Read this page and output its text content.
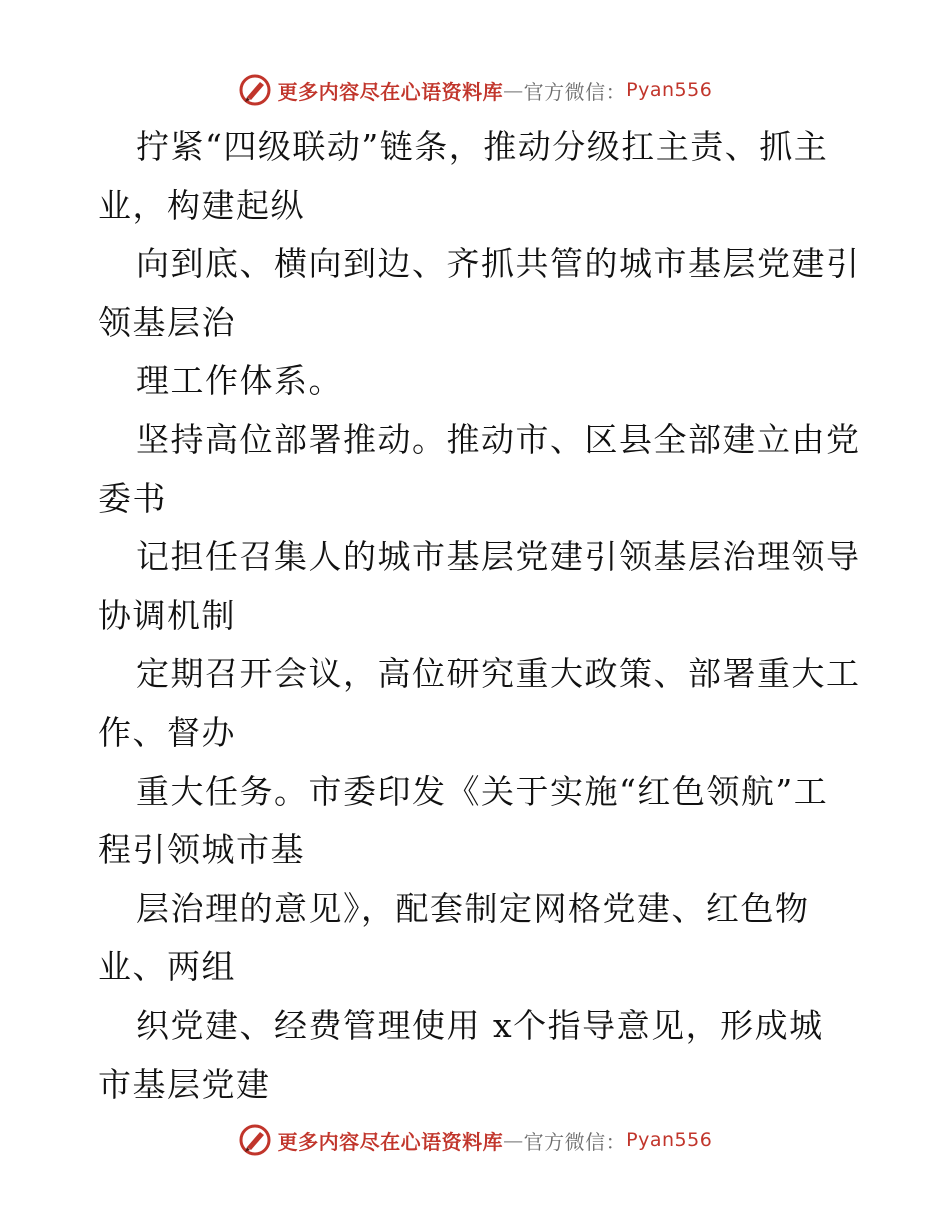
更多内容尽在心语资料库 — 官方微信： Pyan556
拧紧“四级联动”链条，推动分级扛主责、抓主
业，构建起纵
向到底、横向到边、齐抓共管的城市基层党建引
领基层治
理工作体系。
坚持高位部署推动。推动市、区县全部建立由党
委书
记担任召集人的城市基层党建引领基层治理领导
协调机制
定期召开会议，高位研究重大政策、部署重大工
作、督办
重大任务。市委印发《关于实施“红色领航”工
程引领城市基
层治理的意见》，配套制定网格党建、红色物
业、两组
织党建、经费管理使用 x个指导意见，形成城
市基层党建
更多内容尽在心语资料库 — 官方微信： Pyan556
